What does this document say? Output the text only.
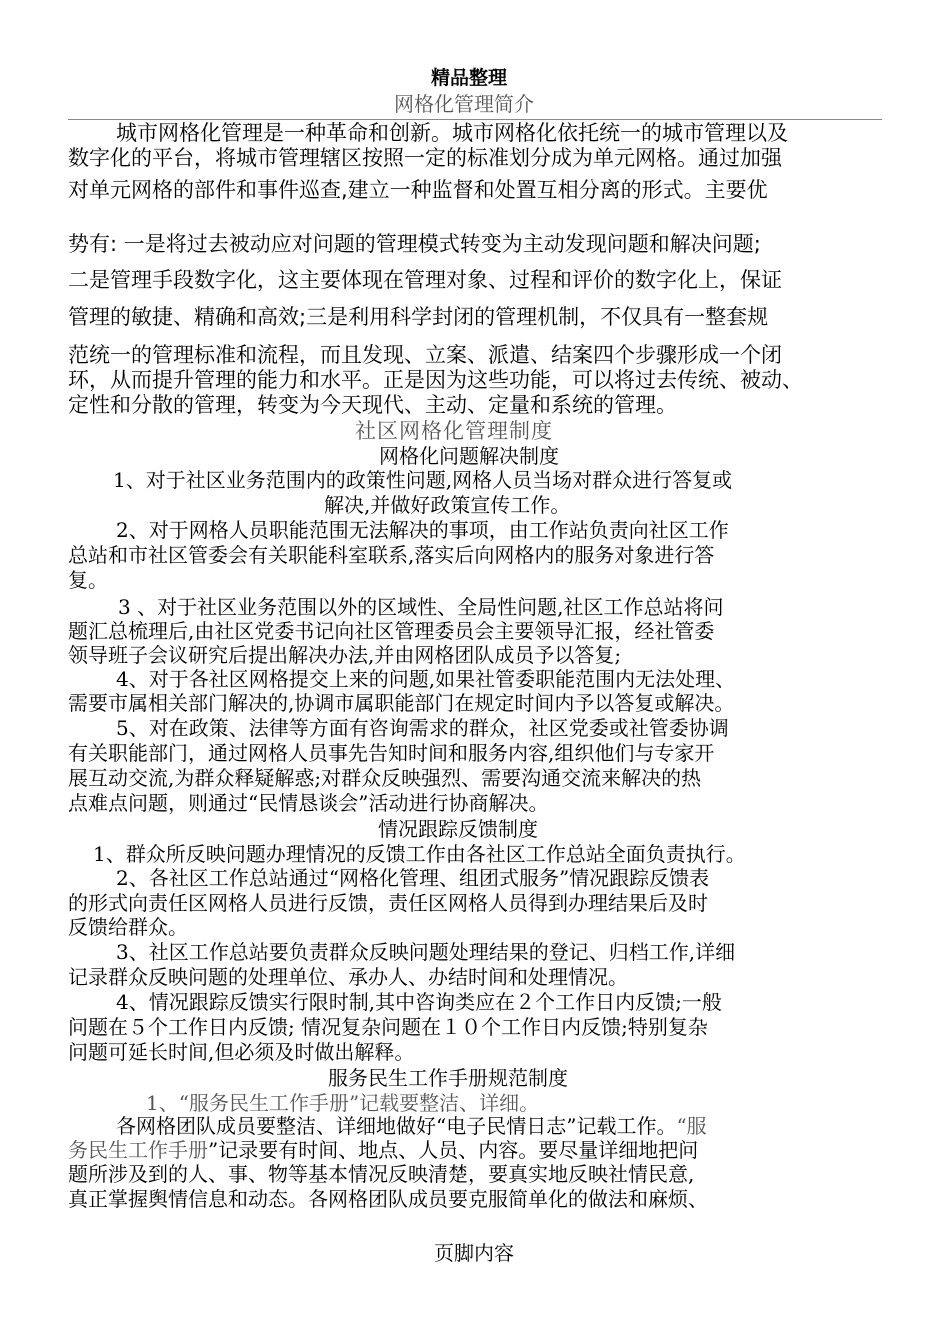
精品整理
网格化管理简介
城市网格化管理是一种革命和创新。城市网格化依托统一的城市管理以及
数字化的平台，将城市管理辖区按照一定的标准划分成为单元网格。通过加强
对单元网格的部件和事件巡查,建立一种监督和处置互相分离的形式。主要优
势有: 一是将过去被动应对问题的管理模式转变为主动发现问题和解决问题;
二是管理手段数字化，这主要体现在管理对象、过程和评价的数字化上，保证
管理的敏捷、精确和高效;三是利用科学封闭的管理机制，不仅具有一整套规
范统一的管理标准和流程，而且发现、立案、派遣、结案四个步骤形成一个闭
环，从而提升管理的能力和水平。正是因为这些功能，可以将过去传统、被动、
定性和分散的管理，转变为今天现代、主动、定量和系统的管理。
社区网格化管理制度
网格化问题解决制度
1、对于社区业务范围内的政策性问题,网格人员当场对群众进行答复或
解决,并做好政策宣传工作。
2、对于网格人员职能范围无法解决的事项，由工作站负责向社区工作
总站和市社区管委会有关职能科室联系,落实后向网格内的服务对象进行答
复。
3 、对于社区业务范围以外的区域性、全局性问题,社区工作总站将问
题汇总梳理后,由社区党委书记向社区管理委员会主要领导汇报，经社管委
领导班子会议研究后提出解决办法,并由网格团队成员予以答复;
4、对于各社区网格提交上来的问题,如果社管委职能范围内无法处理、
需要市属相关部门解决的,协调市属职能部门在规定时间内予以答复或解决。
5、对在政策、法律等方面有咨询需求的群众，社区党委或社管委协调
有关职能部门，通过网格人员事先告知时间和服务内容,组织他们与专家开
展互动交流,为群众释疑解惑;对群众反映强烈、需要沟通交流来解决的热
点难点问题，则通过“民情恳谈会”活动进行协商解决。
情况跟踪反馈制度
1、群众所反映问题办理情况的反馈工作由各社区工作总站全面负责执行。
2、各社区工作总站通过“网格化管理、组团式服务”情况跟踪反馈表
的形式向责任区网格人员进行反馈，责任区网格人员得到办理结果后及时
反馈给群众。
3、社区工作总站要负责群众反映问题处理结果的登记、归档工作,详细
记录群众反映问题的处理单位、承办人、办结时间和处理情况。
4、情况跟踪反馈实行限时制,其中咨询类应在２个工作日内反馈;一般
问题在５个工作日内反馈; 情况复杂问题在１０个工作日内反馈;特别复杂
问题可延长时间,但必须及时做出解释。
服务民生工作手册规范制度
1、“服务民生工作手册”记载要整洁、详细。
各网格团队成员要整洁、详细地做好“电子民情日志”记载工作。“服
务民生工作手册”记录要有时间、地点、人员、内容。要尽量详细地把问
题所涉及到的人、事、物等基本情况反映清楚，要真实地反映社情民意,
真正掌握舆情信息和动态。各网格团队成员要克服简单化的做法和麻烦、
页脚内容
